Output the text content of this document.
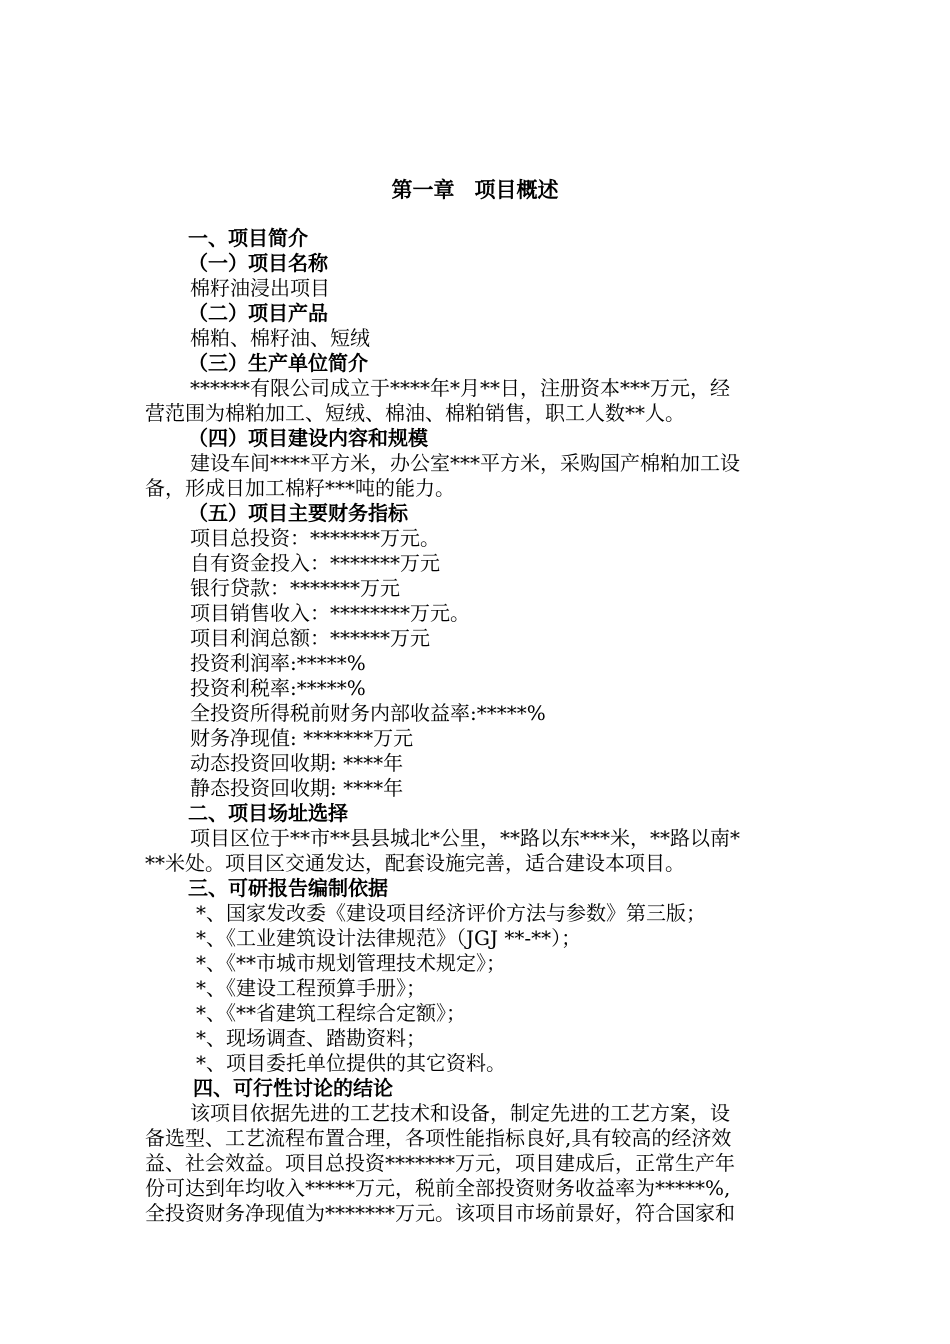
第一章 项目概述
一、项目简介
（一）项目名称
棉籽油浸出项目
（二）项目产品
棉粕、棉籽油、短绒
（三）生产单位简介
******有限公司成立于****年*月**日，注册资本***万元，经
营范围为棉粕加工、短绒、棉油、棉粕销售，职工人数**人。
（四）项目建设内容和规模
建设车间****平方米，办公室***平方米，采购国产棉粕加工设
备，形成日加工棉籽***吨的能力。
（五）项目主要财务指标
项目总投资：*******万元。
自有资金投入：*******万元
银行贷款：*******万元
项目销售收入：********万元。
项目利润总额：******万元
投资利润率:*****%
投资利税率:*****%
全投资所得税前财务内部收益率:*****%
财务净现值: *******万元
动态投资回收期: ****年
静态投资回收期: ****年
二、项目场址选择
项目区位于**市**县县城北*公里，**路以东***米，**路以南*
**米处。项目区交通发达，配套设施完善，适合建设本项目。
三、可研报告编制依据
*、国家发改委《建设项目经济评价方法与参数》第三版；
*、《工业建筑设计法律规范》（JGJ **-**）；
*、《**市城市规划管理技术规定》；
*、《建设工程预算手册》；
*、《**省建筑工程综合定额》；
*、现场调查、踏勘资料；
*、项目委托单位提供的其它资料。
四、可行性讨论的结论
该项目依据先进的工艺技术和设备，制定先进的工艺方案，设
备选型、工艺流程布置合理，各项性能指标良好,具有较高的经济效
益、社会效益。项目总投资*******万元，项目建成后，正常生产年
份可达到年均收入*****万元，税前全部投资财务收益率为*****%,
全投资财务净现值为*******万元。该项目市场前景好，符合国家和
